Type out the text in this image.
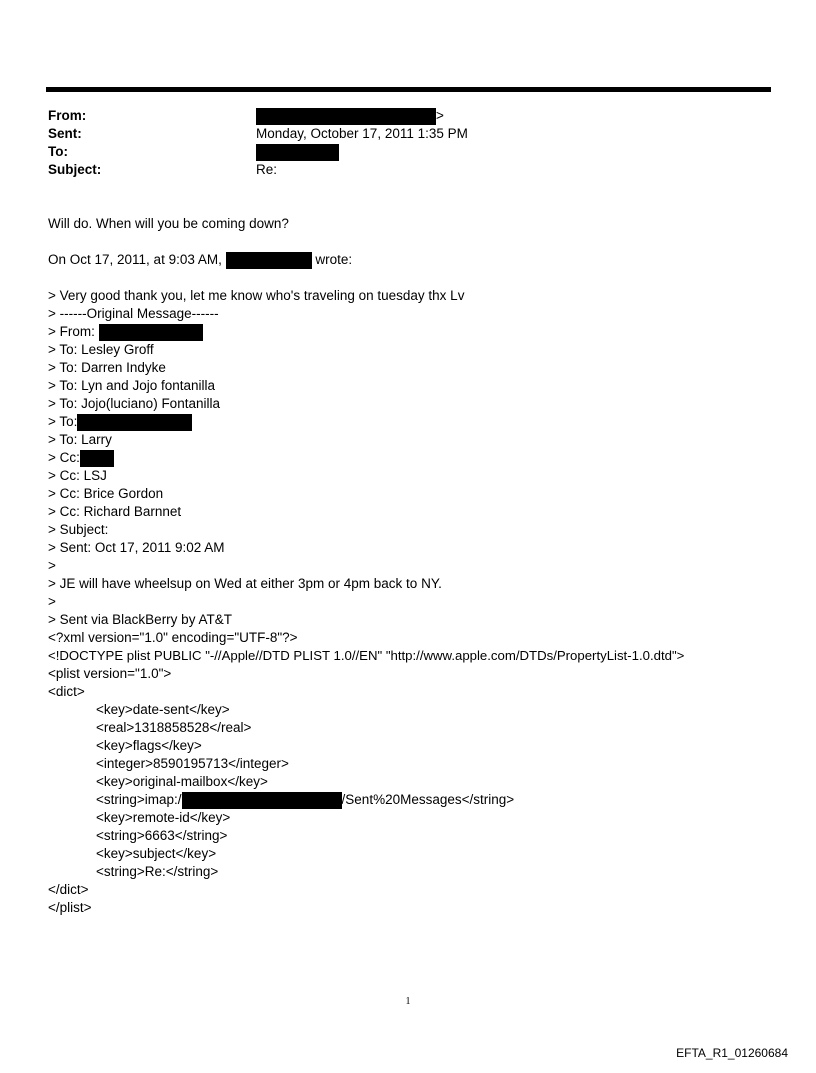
From:	>
Sent:	Monday, October 17, 2011 1:35 PM
To:
Subject:	Re:
Will do. When will you be coming down?
On Oct 17, 2011, at 9:03 AM,	wrote:
> Very good thank you, let me know who's traveling on tuesday thx Lv
> ------Original Message------
> From:
> To: Lesley Groff
> To: Darren Indyke
> To: Lyn and Jojo fontanilla
> To: Jojo(luciano) Fontanilla
> To:
> To: Larry
> Cc:
> Cc: LSJ
> Cc: Brice Gordon
> Cc: Richard Barnnet
> Subject:
> Sent: Oct 17, 2011 9:02 AM
>
> JE will have wheelsup on Wed at either 3pm or 4pm back to NY.
>
> Sent via BlackBerry by AT&T
<?xml version="1.0" encoding="UTF-8"?>
<!DOCTYPE plist PUBLIC "-//Apple//DTD PLIST 1.0//EN" "http://www.apple.com/DTDs/PropertyList-1.0.dtd">
<plist version="1.0">
<dict>
<key>date-sent</key>
<real>1318858528</real>
<key>flags</key>
<integer>8590195713</integer>
<key>original-mailbox</key>
<string>imap:/	/Sent%20Messages</string>
<key>remote-id</key>
<string>6663</string>
<key>subject</key>
<string>Re:</string>
</dict>
</plist>
1
EFTA_R1_01260684
